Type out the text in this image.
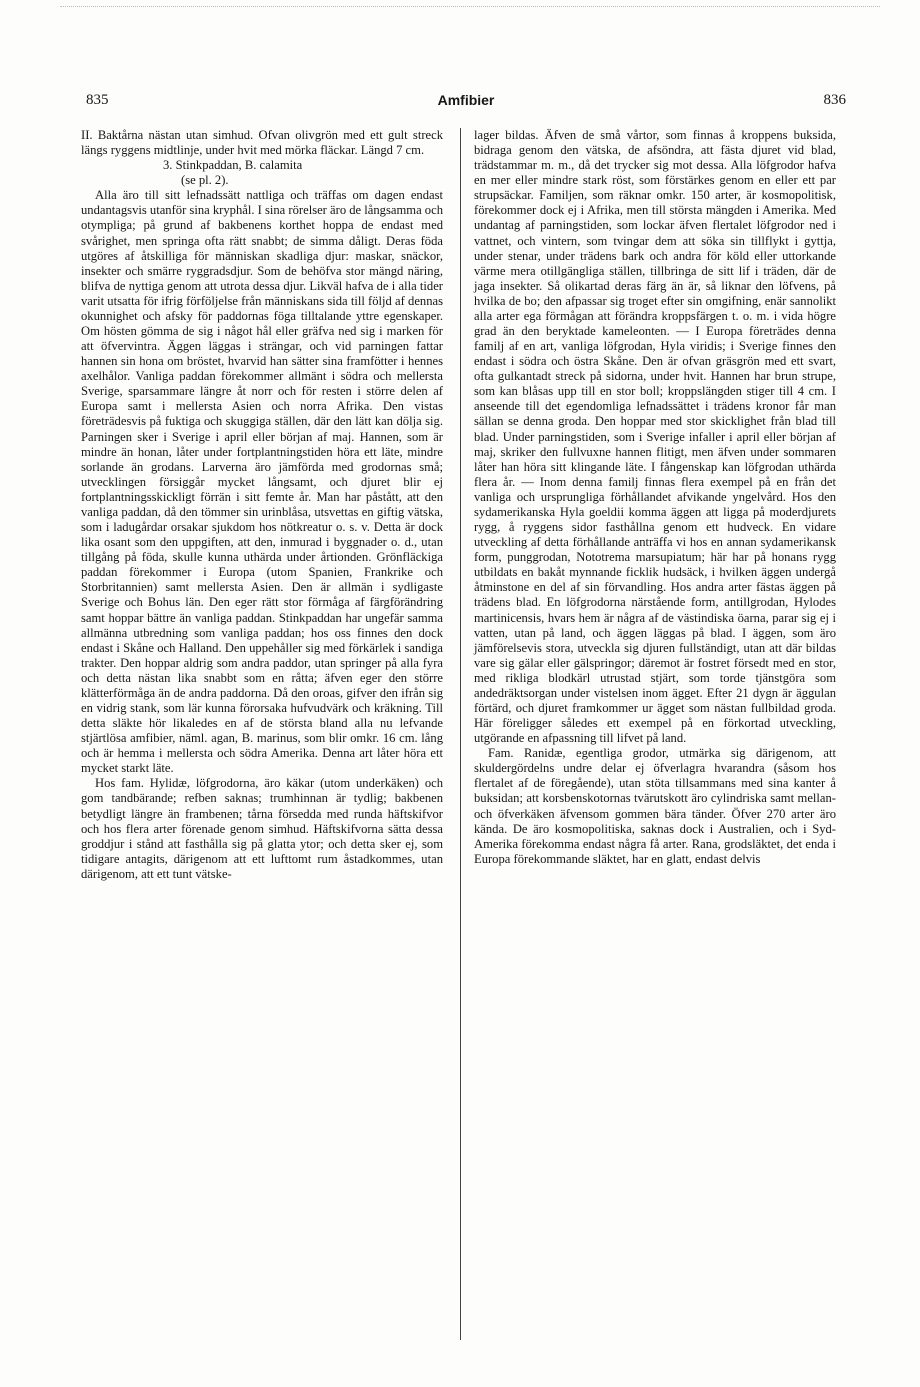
835	Amfibier	836

II. Baktårna nästan utan simhud. Ofvan olivgrön med ett gult streck längs ryggens midtlinje, under hvit med mörka fläckar. Längd 7 cm.

3. Stinkpaddan, B. calamita

(se pl. 2).

Alla äro till sitt lefnadssätt nattliga och träffas om dagen endast undantagsvis utanför sina kryphål. I sina rörelser äro de långsamma och otympliga; på grund af bakbenens korthet hoppa de endast med svårighet, men springa ofta rätt snabbt; de simma dåligt. Deras föda utgöres af åtskilliga för människan skadliga djur: maskar, snäckor, insekter och smärre ryggradsdjur. Som de behöfva stor mängd näring, blifva de nyttiga genom att utrota dessa djur. Likväl hafva de i alla tider varit utsatta för ifrig förföljelse från människans sida till följd af dennas okunnighet och afsky för paddornas föga tilltalande yttre egenskaper. Om hösten gömma de sig i något hål eller gräfva ned sig i marken för att öfvervintra. Äggen läggas i strängar, och vid parningen fattar hannen sin hona om bröstet, hvarvid han sätter sina framfötter i hennes axelhålor. Vanliga paddan förekommer allmänt i södra och mellersta Sverige, sparsammare längre åt norr och för resten i större delen af Europa samt i mellersta Asien och norra Afrika. Den vistas företrädesvis på fuktiga och skuggiga ställen, där den lätt kan dölja sig. Parningen sker i Sverige i april eller början af maj. Hannen, som är mindre än honan, låter under fortplantningstiden höra ett läte, mindre sorlande än grodans. Larverna äro jämförda med grodornas små; utvecklingen försiggår mycket långsamt, och djuret blir ej fortplantningsskickligt förrän i sitt femte år. Man har påstått, att den vanliga paddan, då den tömmer sin urinblåsa, utsvettas en giftig vätska, som i ladugårdar orsakar sjukdom hos nötkreatur o. s. v. Detta är dock lika osant som den uppgiften, att den, inmurad i byggnader o. d., utan tillgång på föda, skulle kunna uthärda under årtionden. Grönfläckiga paddan förekommer i Europa (utom Spanien, Frankrike och Storbritannien) samt mellersta Asien. Den är allmän i sydligaste Sverige och Bohus län. Den eger rätt stor förmåga af färgförändring samt hoppar bättre än vanliga paddan. Stinkpaddan har ungefär samma allmänna utbredning som vanliga paddan; hos oss finnes den dock endast i Skåne och Halland. Den uppehåller sig med förkärlek i sandiga trakter. Den hoppar aldrig som andra paddor, utan springer på alla fyra och detta nästan lika snabbt som en råtta; äfven eger den större klätterförmåga än de andra paddorna. Då den oroas, gifver den ifrån sig en vidrig stank, som lär kunna förorsaka hufvudvärk och kräkning. Till detta släkte hör likaledes en af de största bland alla nu lefvande stjärtlösa amfibier, näml. agan, B. marinus, som blir omkr. 16 cm. lång och är hemma i mellersta och södra Amerika. Denna art låter höra ett mycket starkt läte.

Hos fam. Hylidæ, löfgrodorna, äro käkar (utom underkäken) och gom tandbärande; refben saknas; trumhinnan är tydlig; bakbenen betydligt längre än frambenen; tårna försedda med runda häftskifvor och hos flera arter förenade genom simhud. Häftskifvorna sätta dessa groddjur i stånd att fasthålla sig på glatta ytor; och detta sker ej, som tidigare antagits, därigenom att ett lufttomt rum åstadkommes, utan därigenom, att ett tunt vätske-

lager bildas. Äfven de små vårtor, som finnas å kroppens buksida, bidraga genom den vätska, de afsöndra, att fästa djuret vid blad, trädstammar m. m., då det trycker sig mot dessa. Alla löfgrodor hafva en mer eller mindre stark röst, som förstärkes genom en eller ett par strupsäckar. Familjen, som räknar omkr. 150 arter, är kosmopolitisk, förekommer dock ej i Afrika, men till största mängden i Amerika. Med undantag af parningstiden, som lockar äfven flertalet löfgrodor ned i vattnet, och vintern, som tvingar dem att söka sin tillflykt i gyttja, under stenar, under trädens bark och andra för köld eller uttorkande värme mera otillgängliga ställen, tillbringa de sitt lif i träden, där de jaga insekter. Så olikartad deras färg än är, så liknar den löfvens, på hvilka de bo; den afpassar sig troget efter sin omgifning, enär sannolikt alla arter ega förmågan att förändra kroppsfärgen t. o. m. i vida högre grad än den beryktade kameleonten. — I Europa företrädes denna familj af en art, vanliga löfgrodan, Hyla viridis; i Sverige finnes den endast i södra och östra Skåne. Den är ofvan gräsgrön med ett svart, ofta gulkantadt streck på sidorna, under hvit. Hannen har brun strupe, som kan blåsas upp till en stor boll; kroppslängden stiger till 4 cm. I anseende till det egendomliga lefnadssättet i trädens kronor får man sällan se denna groda. Den hoppar med stor skicklighet från blad till blad. Under parningstiden, som i Sverige infaller i april eller början af maj, skriker den fullvuxne hannen flitigt, men äfven under sommaren låter han höra sitt klingande läte. I fångenskap kan löfgrodan uthärda flera år. — Inom denna familj finnas flera exempel på en från det vanliga och ursprungliga förhållandet afvikande yngelvård. Hos den sydamerikanska Hyla goeldii komma äggen att ligga på moderdjurets rygg, å ryggens sidor fasthållna genom ett hudveck. En vidare utveckling af detta förhållande anträffa vi hos en annan sydamerikansk form, punggrodan, Nototrema marsupiatum; här har på honans rygg utbildats en bakåt mynnande ficklik hudsäck, i hvilken äggen undergå åtminstone en del af sin förvandling. Hos andra arter fästas äggen på trädens blad. En löfgrodorna närstående form, antillgrodan, Hylodes martinicensis, hvars hem är några af de västindiska öarna, parar sig ej i vatten, utan på land, och äggen läggas på blad. I äggen, som äro jämförelsevis stora, utveckla sig djuren fullständigt, utan att där bildas vare sig gälar eller gälspringor; däremot är fostret försedt med en stor, med rikliga blodkärl utrustad stjärt, som torde tjänstgöra som andedräktsorgan under vistelsen inom ägget. Efter 21 dygn är äggulan förtärd, och djuret framkommer ur ägget som nästan fullbildad groda. Här föreligger således ett exempel på en förkortad utveckling, utgörande en afpassning till lifvet på land.

Fam. Ranidæ, egentliga grodor, utmärka sig därigenom, att skuldergördelns undre delar ej öfverlagra hvarandra (såsom hos flertalet af de föregående), utan stöta tillsammans med sina kanter å buksidan; att korsbenskotornas tvärutskott äro cylindriska samt mellan- och öfverkäken äfvensom gommen bära tänder. Öfver 270 arter äro kända. De äro kosmopolitiska, saknas dock i Australien, och i Syd-Amerika förekomma endast några få arter. Rana, grodsläktet, det enda i Europa förekommande släktet, har en glatt, endast delvis
